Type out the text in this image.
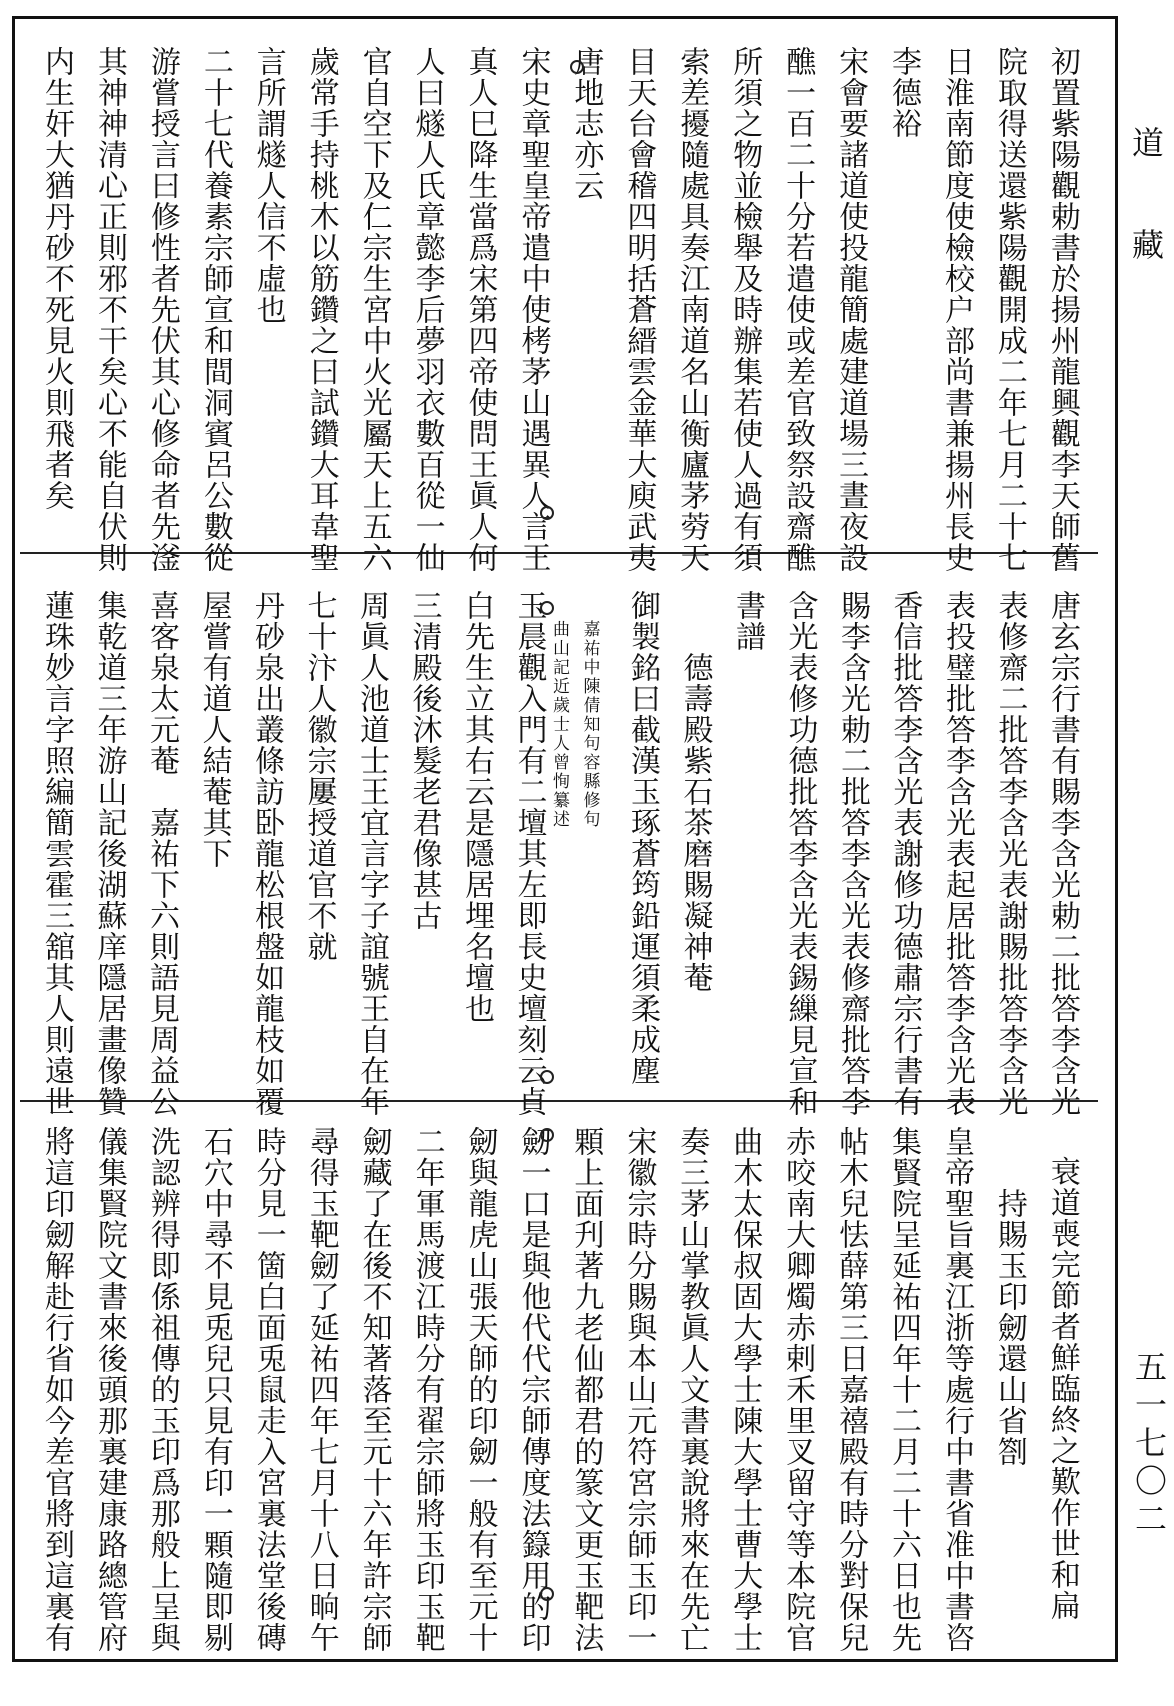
道藏
五一七〇二
初置紫陽觀勅書於揚州龍興觀李天師舊
院取得送還紫陽觀開成二年七月二十七
日淮南節度使檢校户部尚書兼揚州長史
李德裕
宋會要諸道使投龍簡處建道場三晝夜設
醮一百二十分若遣使或差官致祭設齋醮
所須之物並檢舉及時辦集若使人過有須
索差擾隨處具奏江南道名山衡廬茅䓖天
目天台會稽四明括蒼縉雲金華大庾武夷
唐地志亦云
宋史章聖皇帝遣中使栲茅山遇異人言王
真人巳降生當爲宋第四帝使問王眞人何
人曰燧人氏章懿李后夢羽衣數百從一仙
官自空下及仁宗生宮中火光屬天上五六
歲常手持桃木以筋鑽之曰試鑽大耳韋聖
言所謂燧人信不虛也
二十七代養素宗師宣和間洞賓呂公數從
游嘗授言曰修性者先伏其心修命者先滏
其神神清心正則邪不干矣心不能自伏則
内生奸大猶丹砂不死見火則飛者矣
唐玄宗行書有賜李含光勅二批答李含光
表修齋二批答李含光表謝賜批答李含光
表投璧批答李含光表起居批答李含光表
香信批答李含光表謝修功德肅宗行書有
賜李含光勅二批答李含光表修齋批答李
含光表修功德批答李含光表錫繅見宣和
書譜
德壽殿紫石茶磨賜凝神菴
御製銘曰截漢玉琢蒼筠鉛運須柔成塵
嘉祐中陳倩知句容縣修句
曲山記近歲士人曾恂纂述
玉晨觀入門有二壇其左即長史壇刻云貞
白先生立其右云是隱居埋名壇也
三清殿後沐髮老君像甚古
周眞人池道士王宜言字子誼號王自在年
七十汴人徽宗屢授道官不就
丹砂泉出叢條訪卧龍松根盤如龍枝如覆
屋嘗有道人結菴其下
喜客泉太元菴　嘉祐下六則語見周益公
集乾道三年游山記後湖蘇庠隱居畫像贊
蓮珠妙言字照編簡雲霍三舘其人則遠世
衰道喪完節者鮮臨終之歎作世和扁
持賜玉印劒還山省劄
皇帝聖旨裏江浙等處行中書省准中書咨
集賢院呈延祐四年十二月二十六日也先
帖木兒怯薛第三日嘉禧殿有時分對保兒
赤咬南大卿燭赤剌禾里叉留守等本院官
曲木太保叔固大學士陳大學士曹大學士
奏三茅山掌教眞人文書裏說將來在先亡
宋徽宗時分賜與本山元符宮宗師玉印一
顆上面刋著九老仙都君的篆文更玉靶法
劒一口是與他代代宗師傳度法籙用的印
劒與龍虎山張天師的印劒一般有至元十
二年軍馬渡江時分有翟宗師將玉印玉靶
劒藏了在後不知著落至元十六年許宗師
尋得玉靶劒了延祐四年七月十八日晌午
時分見一箇白面兎鼠走入宮裏法堂後磚
石穴中尋不見兎兒只見有印一顆隨即剔
洗認辨得即係祖傳的玉印爲那般上呈與
儀集賢院文書來後頭那裏建康路總管府
將這印劒解赴行省如今差官將到這裏有
